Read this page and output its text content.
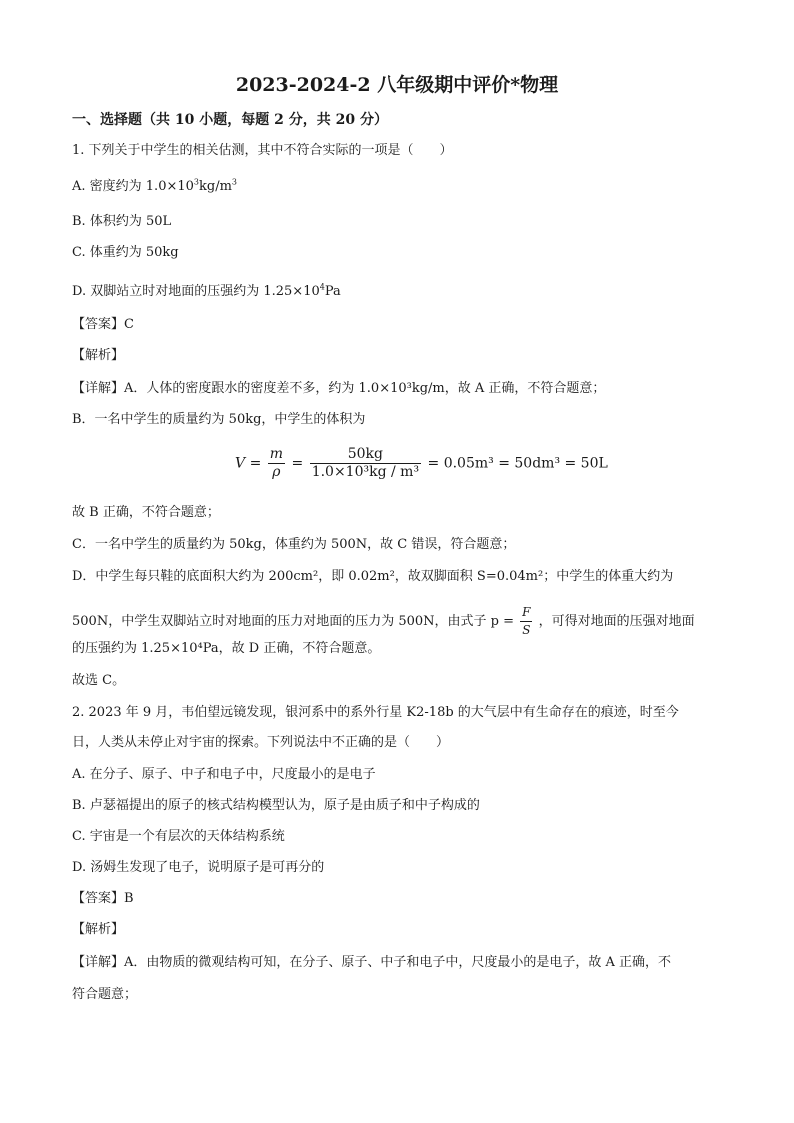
2023-2024-2 八年级期中评价*物理
一、选择题（共 10 小题，每题 2 分，共 20 分）
1. 下列关于中学生的相关估测，其中不符合实际的一项是（　　）
A. 密度约为 $1.0\times 10^3kg/m^3$
B. 体积约为 50L
C. 体重约为 50kg
D. 双脚站立时对地面的压强约为 $1.25\times 10^4Pa$
【答案】C
【解析】
【详解】A．人体的密度跟水的密度差不多，约为 1.0×10³kg/m，故 A 正确，不符合题意；
B．一名中学生的质量约为 50kg，中学生的体积为
$V = \frac{m}{\rho} = \frac{50kg}{\text{1.0×10³kg / m³}} = 0.05m^3 = 50dm^3 = 50L$
故 B 正确，不符合题意；
C．一名中学生的质量约为 50kg，体重约为 500N，故 C 错误，符合题意；
D．中学生每只鞋的底面积大约为 200cm²，即 0.02m²，故双脚面积 S=0.04m²；中学生的体重大约为
500N，中学生双脚站立时对地面的压力对地面的压力为 500N，由式子 $p = \frac{F}{S}$ ，可得对地面的压强对地面
的压强约为 1.25×10⁴Pa，故 D 正确，不符合题意。
故选 C。
2. 2023 年 9 月，韦伯望远镜发现，银河系中的系外行星 K2-18b 的大气层中有生命存在的痕迹，时至今
日，人类从未停止对宇宙的探索。下列说法中不正确的是（　　）
A. 在分子、原子、中子和电子中，尺度最小的是电子
B. 卢瑟福提出的原子的核式结构模型认为，原子是由质子和中子构成的
C. 宇宙是一个有层次的天体结构系统
D. 汤姆生发现了电子，说明原子是可再分的
【答案】B
【解析】
【详解】A．由物质的微观结构可知，在分子、原子、中子和电子中，尺度最小的是电子，故 A 正确，不
符合题意；
